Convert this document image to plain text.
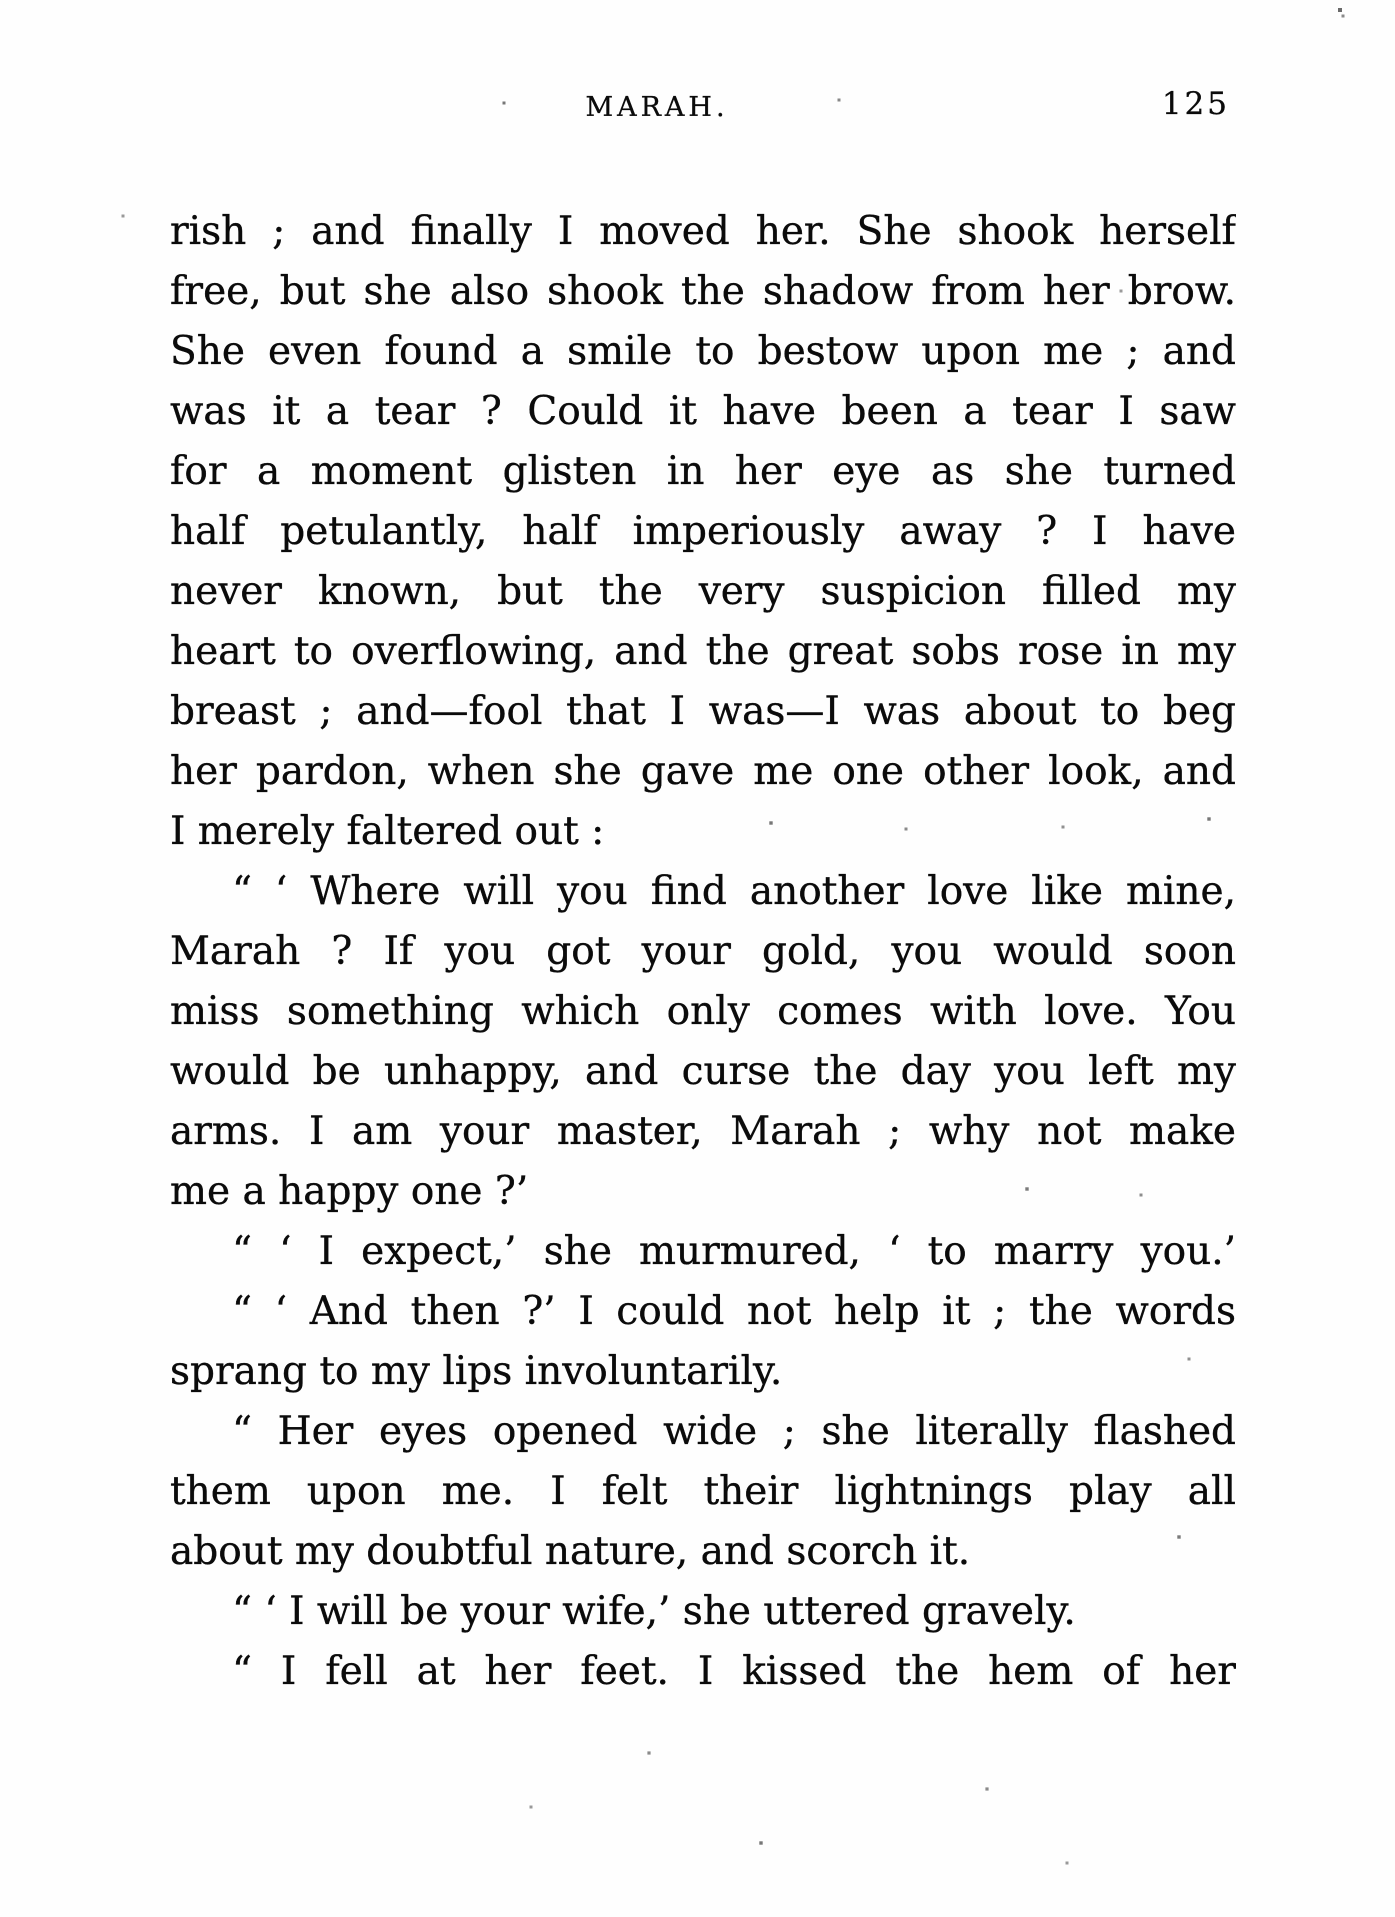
MARAH.	125
rish ; and finally I moved her. She shook herself
free, but she also shook the shadow from her brow.
She even found a smile to bestow upon me ; and
was it a tear ? Could it have been a tear I saw
for a moment glisten in her eye as she turned
half petulantly, half imperiously away ? I have
never known, but the very suspicion filled my
heart to overflowing, and the great sobs rose in my
breast ; and—fool that I was—I was about to beg
her pardon, when she gave me one other look, and
I merely faltered out :
“ ‘ Where will you find another love like mine,
Marah ? If you got your gold, you would soon
miss something which only comes with love. You
would be unhappy, and curse the day you left my
arms. I am your master, Marah ; why not make
me a happy one ?’
“ ‘ I expect,’ she murmured, ‘ to marry you.’
“ ‘ And then ?’ I could not help it ; the words
sprang to my lips involuntarily.
“ Her eyes opened wide ; she literally flashed
them upon me. I felt their lightnings play all
about my doubtful nature, and scorch it.
“ ‘ I will be your wife,’ she uttered gravely.
“ I fell at her feet. I kissed the hem of her
